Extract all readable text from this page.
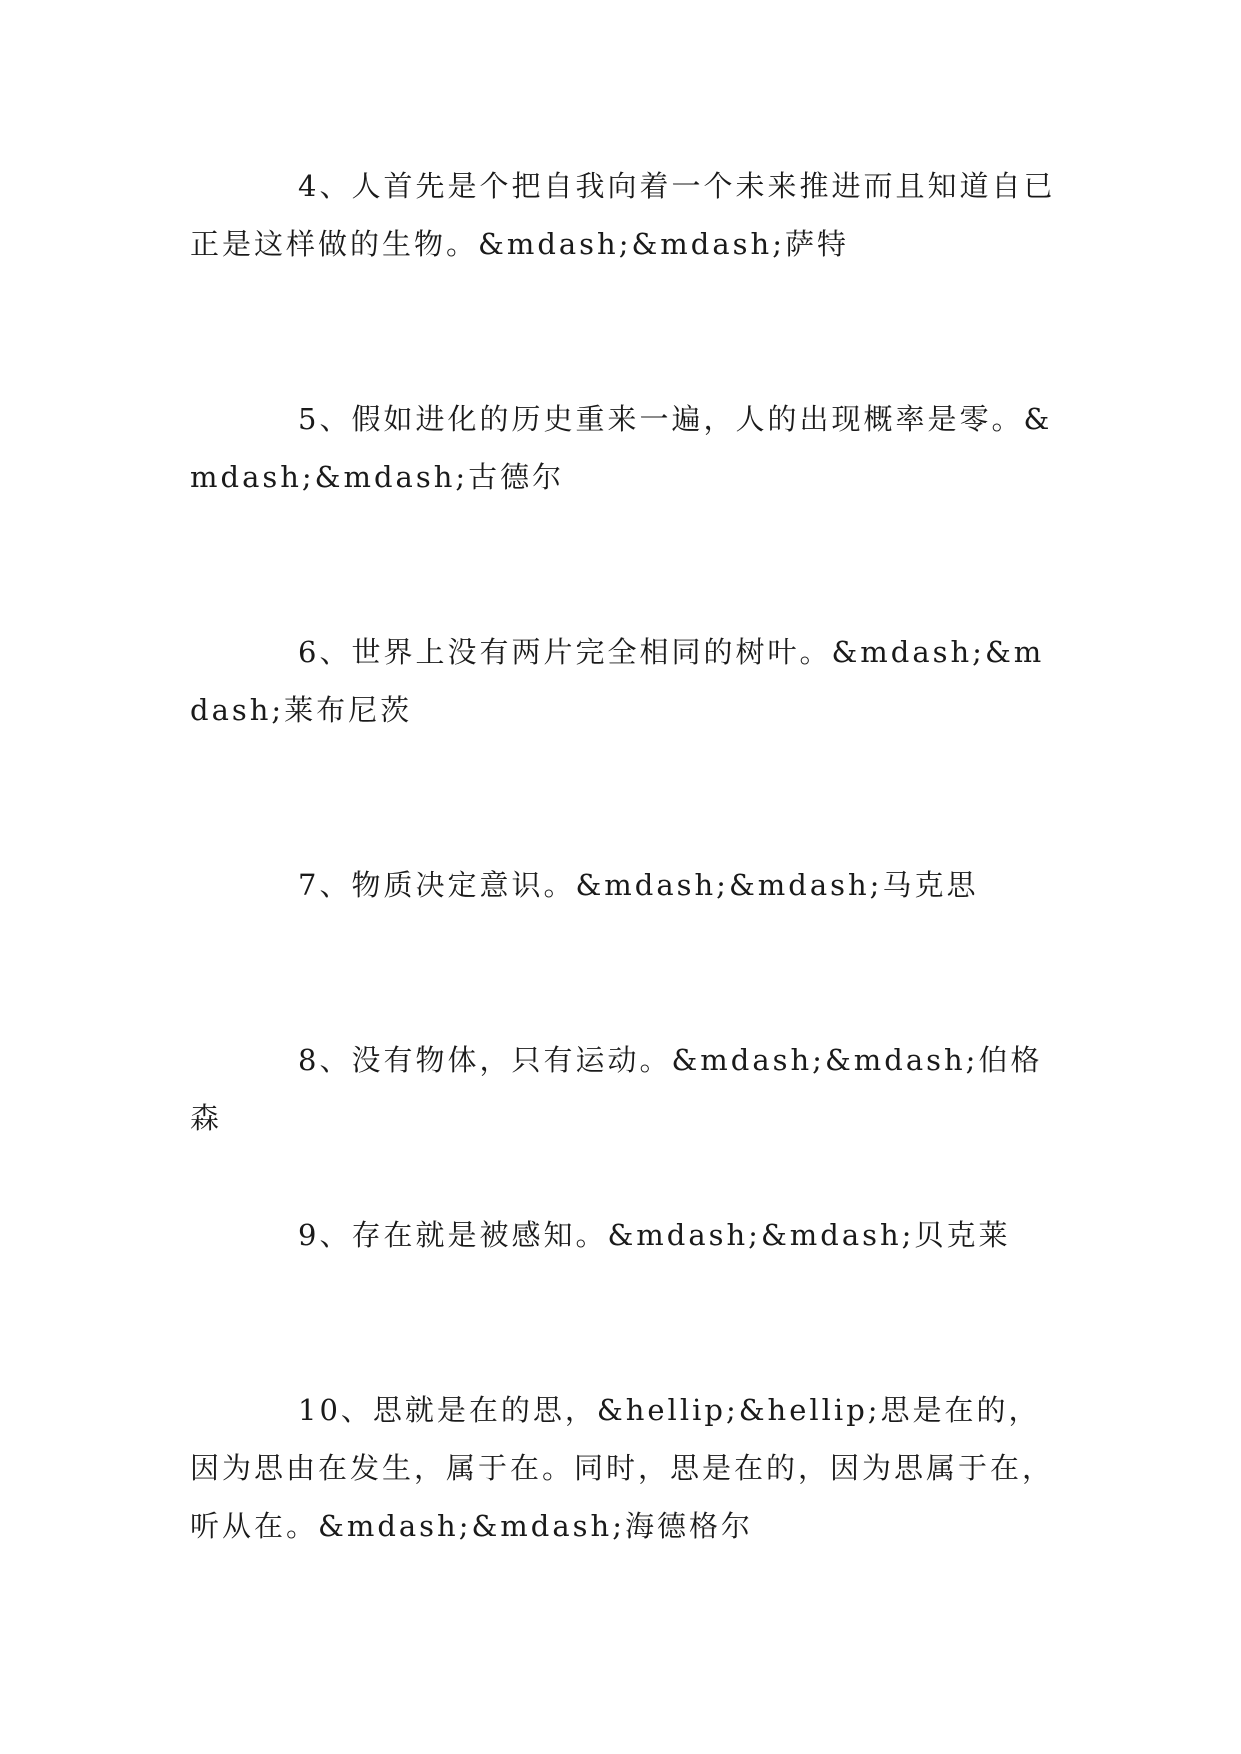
4、人首先是个把自我向着一个未来推进而且知道自已正是这样做的生物。&mdash;&mdash;萨特

5、假如进化的历史重来一遍，人的出现概率是零。&mdash;&mdash;古德尔

6、世界上没有两片完全相同的树叶。&mdash;&mdash;莱布尼茨

7、物质决定意识。&mdash;&mdash;马克思

8、没有物体，只有运动。&mdash;&mdash;伯格森

9、存在就是被感知。&mdash;&mdash;贝克莱

10、思就是在的思，&hellip;&hellip;思是在的，因为思由在发生，属于在。同时，思是在的，因为思属于在，听从在。&mdash;&mdash;海德格尔
